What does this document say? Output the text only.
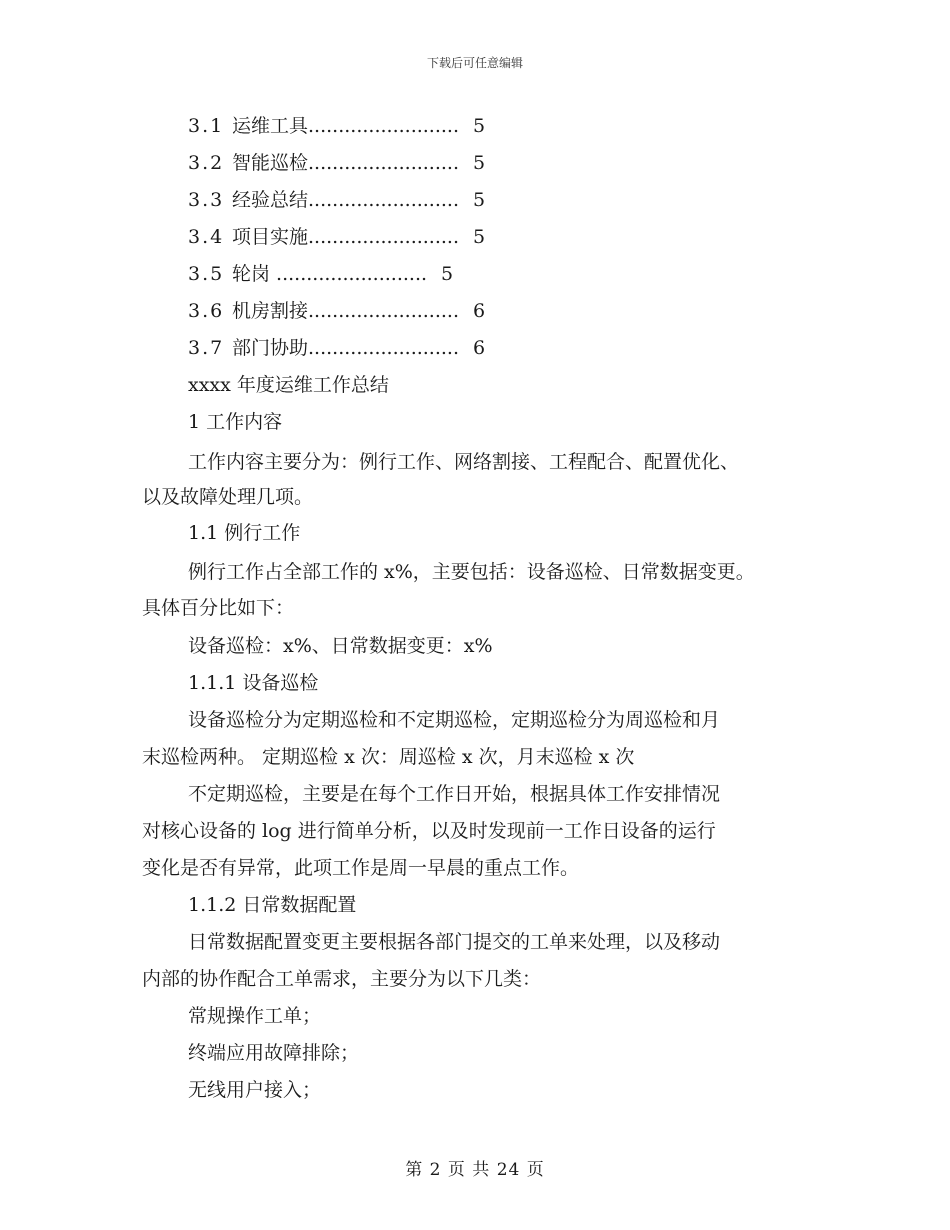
下载后可任意编辑
3.1 运维工具......................... 5
3.2 智能巡检......................... 5
3.3 经验总结......................... 5
3.4 项目实施......................... 5
3.5 轮岗 ......................... 5
3.6 机房割接......................... 6
3.7 部门协助......................... 6
xxxx 年度运维工作总结
1 工作内容
工作内容主要分为：例行工作、网络割接、工程配合、配置优化、
以及故障处理几项。
1.1 例行工作
例行工作占全部工作的 x%，主要包括：设备巡检、日常数据变更。
具体百分比如下：
设备巡检：x%、日常数据变更：x%
1.1.1 设备巡检
设备巡检分为定期巡检和不定期巡检，定期巡检分为周巡检和月
末巡检两种。 定期巡检 x 次：周巡检 x 次，月末巡检 x 次
不定期巡检，主要是在每个工作日开始，根据具体工作安排情况
对核心设备的 log 进行简单分析，以及时发现前一工作日设备的运行
变化是否有异常，此项工作是周一早晨的重点工作。
1.1.2 日常数据配置
日常数据配置变更主要根据各部门提交的工单来处理，以及移动
内部的协作配合工单需求，主要分为以下几类：
常规操作工单；
终端应用故障排除；
无线用户接入；
第 2 页 共 24 页
